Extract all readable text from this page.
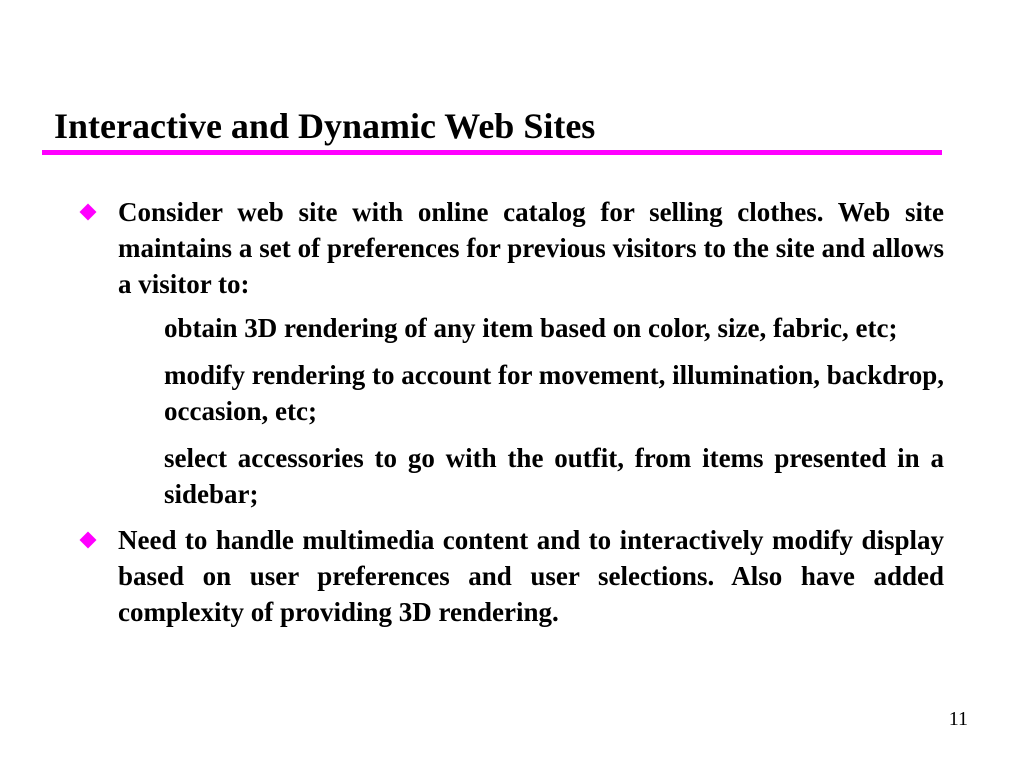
Interactive and Dynamic Web Sites
Consider web site with online catalog for selling clothes. Web site maintains a set of preferences for previous visitors to the site and allows a visitor to:
obtain 3D rendering of any item based on color, size, fabric, etc;
modify rendering to account for movement, illumination, backdrop, occasion, etc;
select accessories to go with the outfit, from items presented in a sidebar;
Need to handle multimedia content and to interactively modify display based on user preferences and user selections. Also have added complexity of providing 3D rendering.
11
